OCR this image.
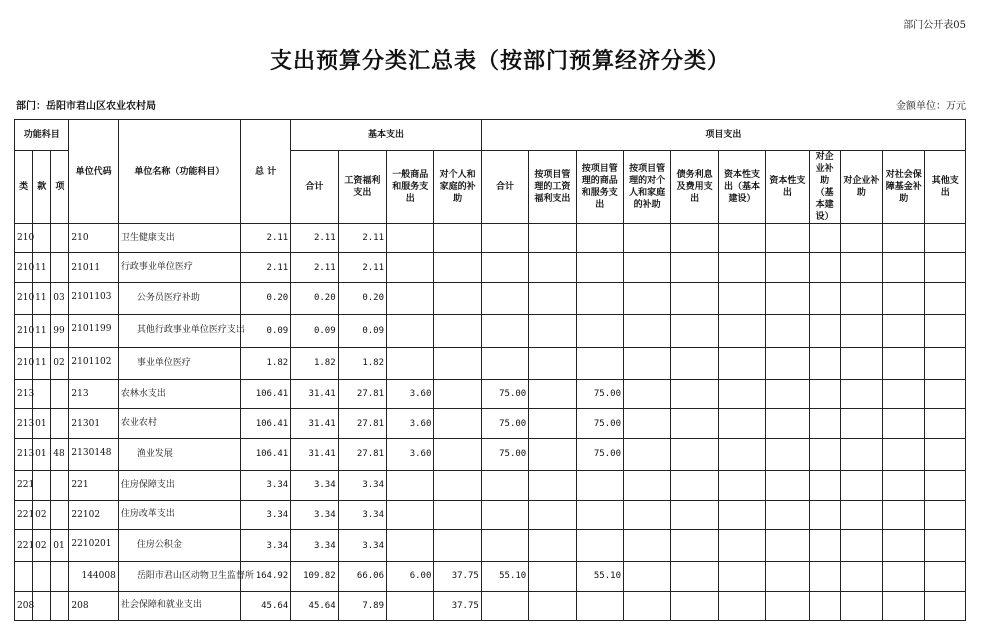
部门公开表05
支出预算分类汇总表（按部门预算经济分类）
部门：岳阳市君山区农业农村局	金额单位：万元
功能科目			单位代码	单位名称（功能科目）	总 计	基本支出				项目支出										
类	款	项				合计	工资福利支出	一般商品和服务支出	对个人和家庭的补助	合计	按项目管理的工资福利支出	按项目管理的商品和服务支出	按项目管理的对个人和家庭的补助	债务利息及费用支出	资本性支出（基本建设）	资本性支出	对企业补助（基本建设）	对企业补助	对社会保障基金补助	其他支出
210			210	卫生健康支出	2.11	2.11	2.11													
210	11		21011	行政事业单位医疗	2.11	2.11	2.11													
210	11	03	2101103	公务员医疗补助	0.20	0.20	0.20													
210	11	99	2101199	其他行政事业单位医疗支出	0.09	0.09	0.09													
210	11	02	2101102	事业单位医疗	1.82	1.82	1.82													
213			213	农林水支出	106.41	31.41	27.81	3.60		75.00		75.00								
213	01		21301	农业农村	106.41	31.41	27.81	3.60		75.00		75.00								
213	01	48	2130148	渔业发展	106.41	31.41	27.81	3.60		75.00		75.00								
221			221	住房保障支出	3.34	3.34	3.34													
221	02		22102	住房改革支出	3.34	3.34	3.34													
221	02	01	2210201	住房公积金	3.34	3.34	3.34													
			144008	岳阳市君山区动物卫生监督所	164.92	109.82	66.06	6.00	37.75	55.10		55.10								
208			208	社会保障和就业支出	45.64	45.64	7.89		37.75											
